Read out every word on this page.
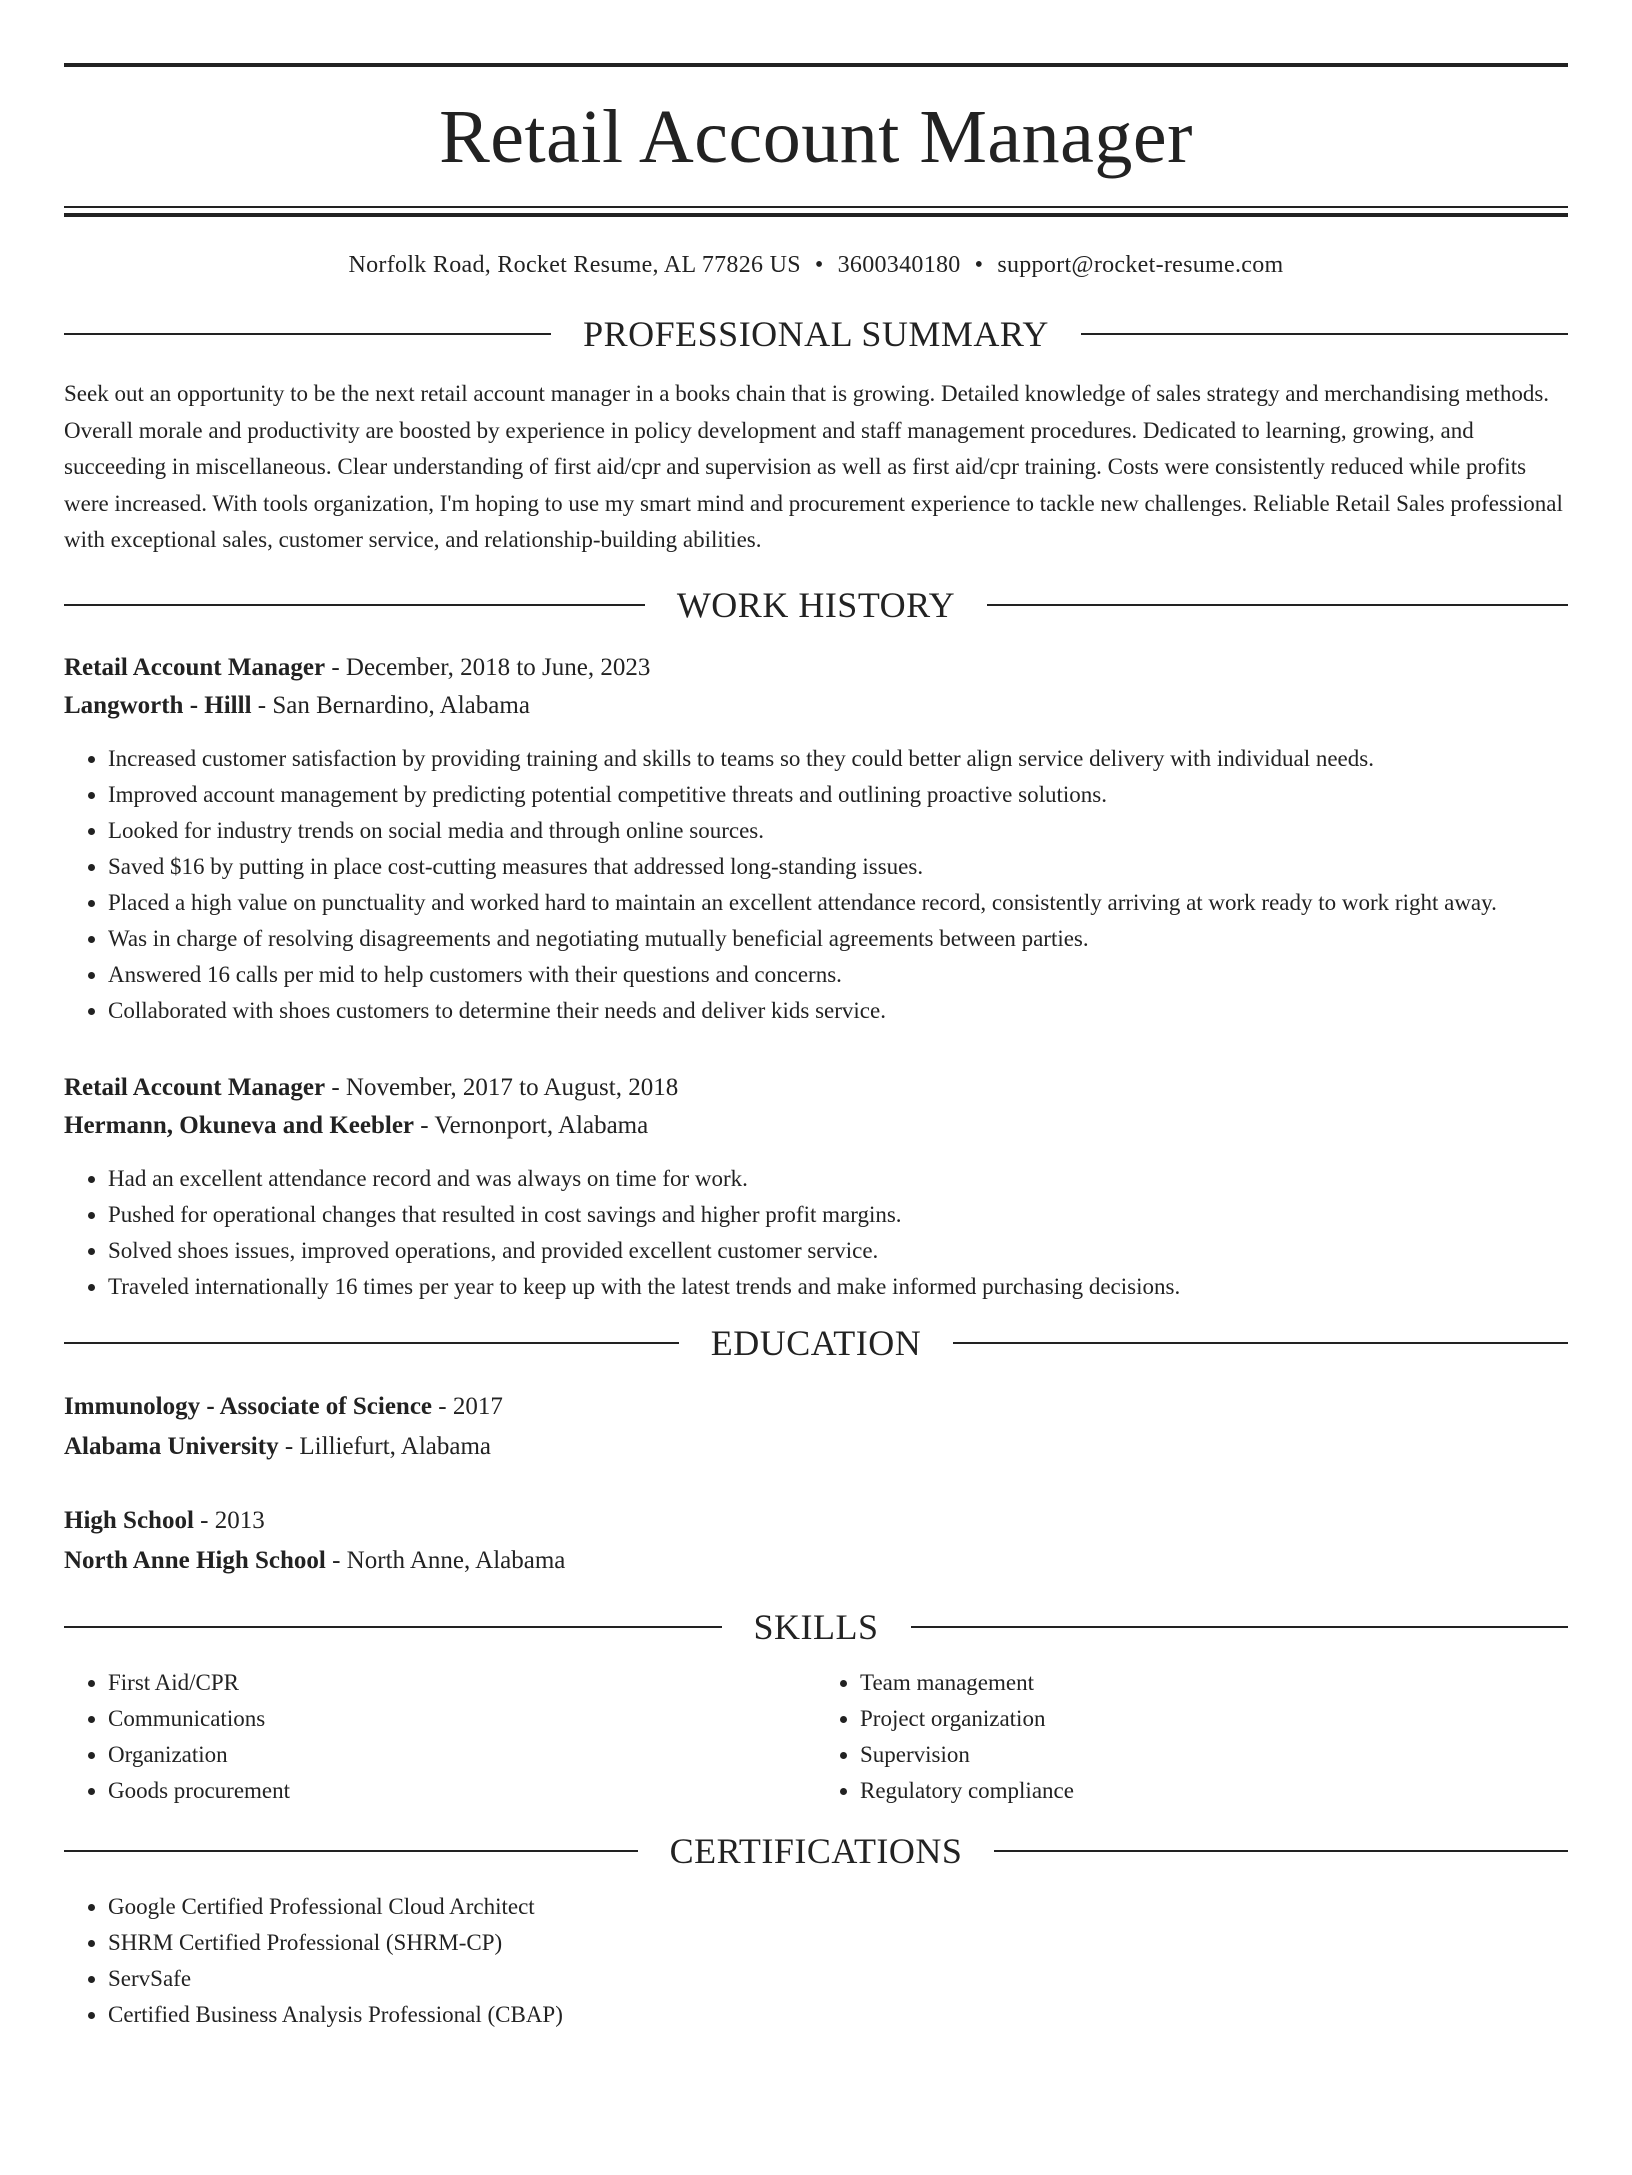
Retail Account Manager
Norfolk Road, Rocket Resume, AL 77826 US • 3600340180 • support@rocket-resume.com
PROFESSIONAL SUMMARY
Seek out an opportunity to be the next retail account manager in a books chain that is growing. Detailed knowledge of sales strategy and merchandising methods. Overall morale and productivity are boosted by experience in policy development and staff management procedures. Dedicated to learning, growing, and succeeding in miscellaneous. Clear understanding of first aid/cpr and supervision as well as first aid/cpr training. Costs were consistently reduced while profits were increased. With tools organization, I'm hoping to use my smart mind and procurement experience to tackle new challenges. Reliable Retail Sales professional with exceptional sales, customer service, and relationship-building abilities.
WORK HISTORY
Retail Account Manager - December, 2018 to June, 2023
Langworth - Hilll - San Bernardino, Alabama
• Increased customer satisfaction by providing training and skills to teams so they could better align service delivery with individual needs.
• Improved account management by predicting potential competitive threats and outlining proactive solutions.
• Looked for industry trends on social media and through online sources.
• Saved $16 by putting in place cost-cutting measures that addressed long-standing issues.
• Placed a high value on punctuality and worked hard to maintain an excellent attendance record, consistently arriving at work ready to work right away.
• Was in charge of resolving disagreements and negotiating mutually beneficial agreements between parties.
• Answered 16 calls per mid to help customers with their questions and concerns.
• Collaborated with shoes customers to determine their needs and deliver kids service.
Retail Account Manager - November, 2017 to August, 2018
Hermann, Okuneva and Keebler - Vernonport, Alabama
• Had an excellent attendance record and was always on time for work.
• Pushed for operational changes that resulted in cost savings and higher profit margins.
• Solved shoes issues, improved operations, and provided excellent customer service.
• Traveled internationally 16 times per year to keep up with the latest trends and make informed purchasing decisions.
EDUCATION
Immunology - Associate of Science - 2017
Alabama University - Lilliefurt, Alabama
High School - 2013
North Anne High School - North Anne, Alabama
SKILLS
• First Aid/CPR
• Communications
• Organization
• Goods procurement
• Team management
• Project organization
• Supervision
• Regulatory compliance
CERTIFICATIONS
• Google Certified Professional Cloud Architect
• SHRM Certified Professional (SHRM-CP)
• ServSafe
• Certified Business Analysis Professional (CBAP)
